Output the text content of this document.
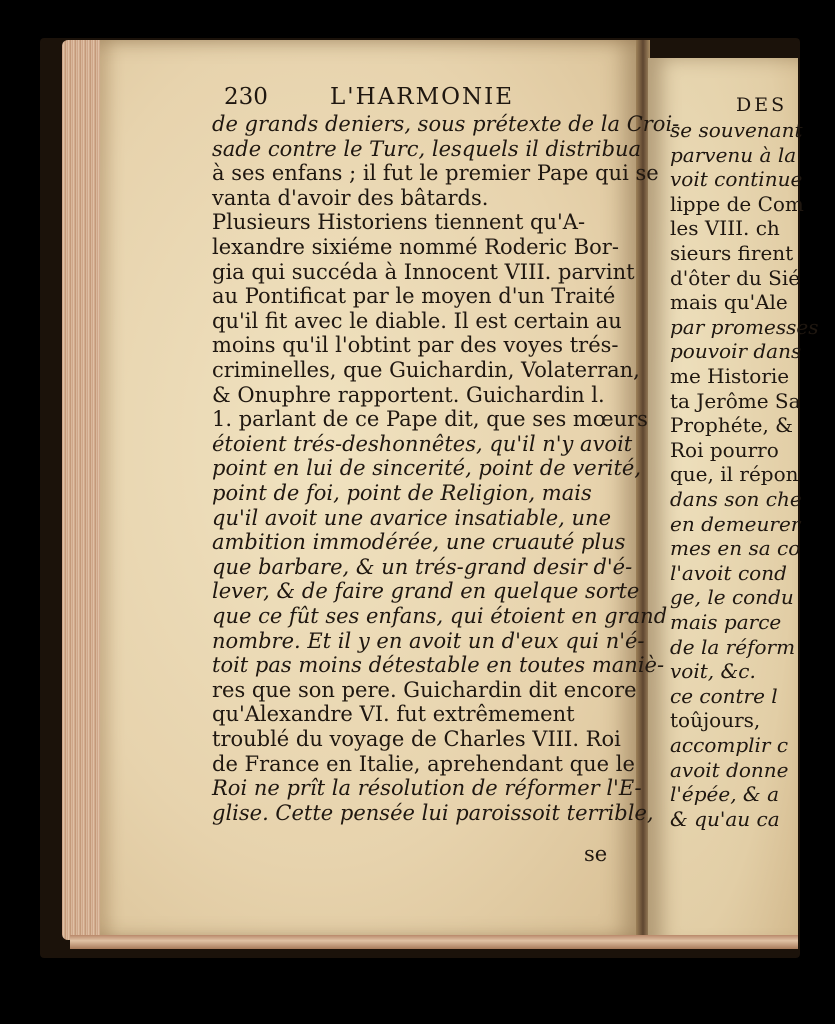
DES
se souvenant
parvenu à la
voit continue
lippe de Com
les VIII. ch
sieurs firent
d'ôter du Sié
mais qu'Ale
par promesses
pouvoir dans
me Historie
ta Jerôme Sa
Prophéte, &
Roi pourro
que, il répon
dans son che
en demeurer
mes en sa co
l'avoit cond
ge, le condu
mais parce
de la réform
voit, &c.
ce contre l
toûjours,
accomplir c
avoit donne
l'épée, & a
& qu'au ca
230	L'HARMONIE
de grands deniers, sous prétexte de la Croi-
sade contre le Turc, lesquels il distribua
à ses enfans ; il fut le premier Pape qui se
vanta d'avoir des bâtards.
Plusieurs Historiens tiennent qu'A-
lexandre sixiéme nommé Roderic Bor-
gia qui succéda à Innocent VIII. parvint
au Pontificat par le moyen d'un Traité
qu'il fit avec le diable. Il est certain au
moins qu'il l'obtint par des voyes trés-
criminelles, que Guichardin, Volaterran,
& Onuphre rapportent. Guichardin l.
1. parlant de ce Pape dit, que ses mœurs
étoient trés-deshonnêtes, qu'il n'y avoit
point en lui de sincerité, point de verité,
point de foi, point de Religion, mais
qu'il avoit une avarice insatiable, une
ambition immodérée, une cruauté plus
que barbare, & un trés-grand desir d'é-
lever, & de faire grand en quelque sorte
que ce fût ses enfans, qui étoient en grand
nombre. Et il y en avoit un d'eux qui n'é-
toit pas moins détestable en toutes maniè-
res que son pere. Guichardin dit encore
qu'Alexandre VI. fut extrêmement
troublé du voyage de Charles VIII. Roi
de France en Italie, aprehendant que le
Roi ne prît la résolution de réformer l'E-
glise. Cette pensée lui paroissoit terrible,
se
